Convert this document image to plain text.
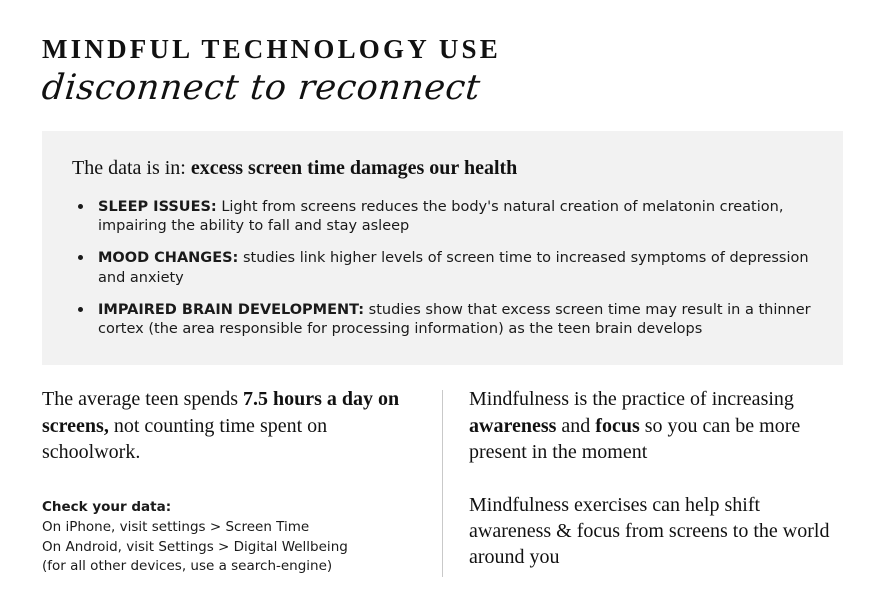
MINDFUL TECHNOLOGY USE
disconnect to reconnect
The data is in: excess screen time damages our health
SLEEP ISSUES: Light from screens reduces the body's natural creation of melatonin creation, impairing the ability to fall and stay asleep
MOOD CHANGES: studies link higher levels of screen time to increased symptoms of depression and anxiety
IMPAIRED BRAIN DEVELOPMENT: studies show that excess screen time may result in a thinner cortex (the area responsible for processing information) as the teen brain develops

The average teen spends 7.5 hours a day on screens, not counting time spent on schoolwork.

Check your data:
On iPhone, visit settings > Screen Time
On Android, visit Settings > Digital Wellbeing
(for all other devices, use a search-engine)

Mindfulness is the practice of increasing awareness and focus so you can be more present in the moment

Mindfulness exercises can help shift awareness & focus from screens to the world around you
